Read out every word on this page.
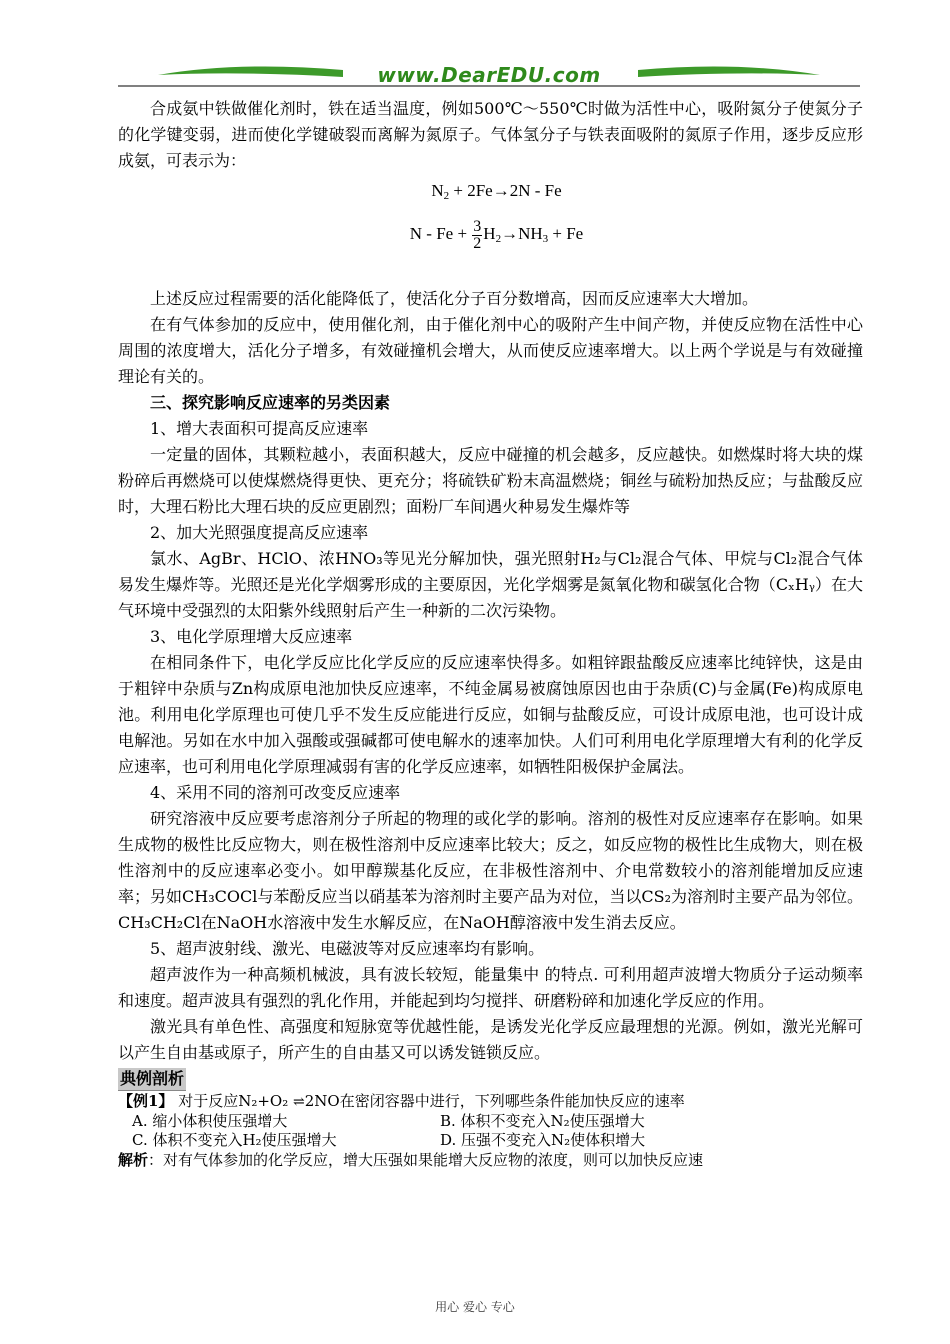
www.DearEDU.com

合成氨中铁做催化剂时，铁在适当温度，例如500℃～550℃时做为活性中心，吸附氮分子使氮分子的化学键变弱，进而使化学键破裂而离解为氮原子。气体氢分子与铁表面吸附的氮原子作用，逐步反应形成氨，可表示为：

$N_2 + 2Fe\to 2N - Fe$
$N - Fe + \frac{3}{2} H_2\to NH_3 + Fe$

上述反应过程需要的活化能降低了，使活化分子百分数增高，因而反应速率大大增加。

在有气体参加的反应中，使用催化剂，由于催化剂中心的吸附产生中间产物，并使反应物在活性中心周围的浓度增大，活化分子增多，有效碰撞机会增大，从而使反应速率增大。以上两个学说是与有效碰撞理论有关的。

三、探究影响反应速率的另类因素

1、增大表面积可提高反应速率

一定量的固体，其颗粒越小，表面积越大，反应中碰撞的机会越多，反应越快。如燃煤时将大块的煤粉碎后再燃烧可以使煤燃烧得更快、更充分；将硫铁矿粉末高温燃烧；铜丝与硫粉加热反应；与盐酸反应时，大理石粉比大理石块的反应更剧烈；面粉厂车间遇火种易发生爆炸等

2、加大光照强度提高反应速率

氯水、AgBr、HClO、浓HNO₃等见光分解加快，强光照射H₂与Cl₂混合气体、甲烷与Cl₂混合气体易发生爆炸等。光照还是光化学烟雾形成的主要原因，光化学烟雾是氮氧化物和碳氢化合物（CₓHᵧ）在大气环境中受强烈的太阳紫外线照射后产生一种新的二次污染物。

3、电化学原理增大反应速率

在相同条件下，电化学反应比化学反应的反应速率快得多。如粗锌跟盐酸反应速率比纯锌快，这是由于粗锌中杂质与Zn构成原电池加快反应速率，不纯金属易被腐蚀原因也由于杂质(C)与金属(Fe)构成原电池。利用电化学原理也可使几乎不发生反应能进行反应，如铜与盐酸反应，可设计成原电池，也可设计成电解池。另如在水中加入强酸或强碱都可使电解水的速率加快。人们可利用电化学原理增大有利的化学反应速率，也可利用电化学原理减弱有害的化学反应速率，如牺牲阳极保护金属法。

4、采用不同的溶剂可改变反应速率

研究溶液中反应要考虑溶剂分子所起的物理的或化学的影响。溶剂的极性对反应速率存在影响。如果生成物的极性比反应物大，则在极性溶剂中反应速率比较大；反之，如反应物的极性比生成物大，则在极性溶剂中的反应速率必变小。如甲醇羰基化反应，在非极性溶剂中、介电常数较小的溶剂能增加反应速率；另如CH₃COCl与苯酚反应当以硝基苯为溶剂时主要产品为对位，当以CS₂为溶剂时主要产品为邻位。CH₃CH₂Cl在NaOH水溶液中发生水解反应，在NaOH醇溶液中发生消去反应。

5、超声波射线、激光、电磁波等对反应速率均有影响。

超声波作为一种高频机械波，具有波长较短，能量集中 的特点. 可利用超声波增大物质分子运动频率和速度。超声波具有强烈的乳化作用，并能起到均匀搅拌、研磨粉碎和加速化学反应的作用。

激光具有单色性、高强度和短脉宽等优越性能，是诱发光化学反应最理想的光源。例如，激光光解可以产生自由基或原子，所产生的自由基又可以诱发链锁反应。

典例剖析

【例1】 对于反应N₂+O₂ ⇌2NO在密闭容器中进行，下列哪些条件能加快反应的速率

A. 缩小体积使压强增大	B. 体积不变充入N₂使压强增大
C. 体积不变充入H₂使压强增大	D. 压强不变充入N₂使体积增大

解析：对有气体参加的化学反应，增大压强如果能增大反应物的浓度，则可以加快反应速

用心 爱心 专心
